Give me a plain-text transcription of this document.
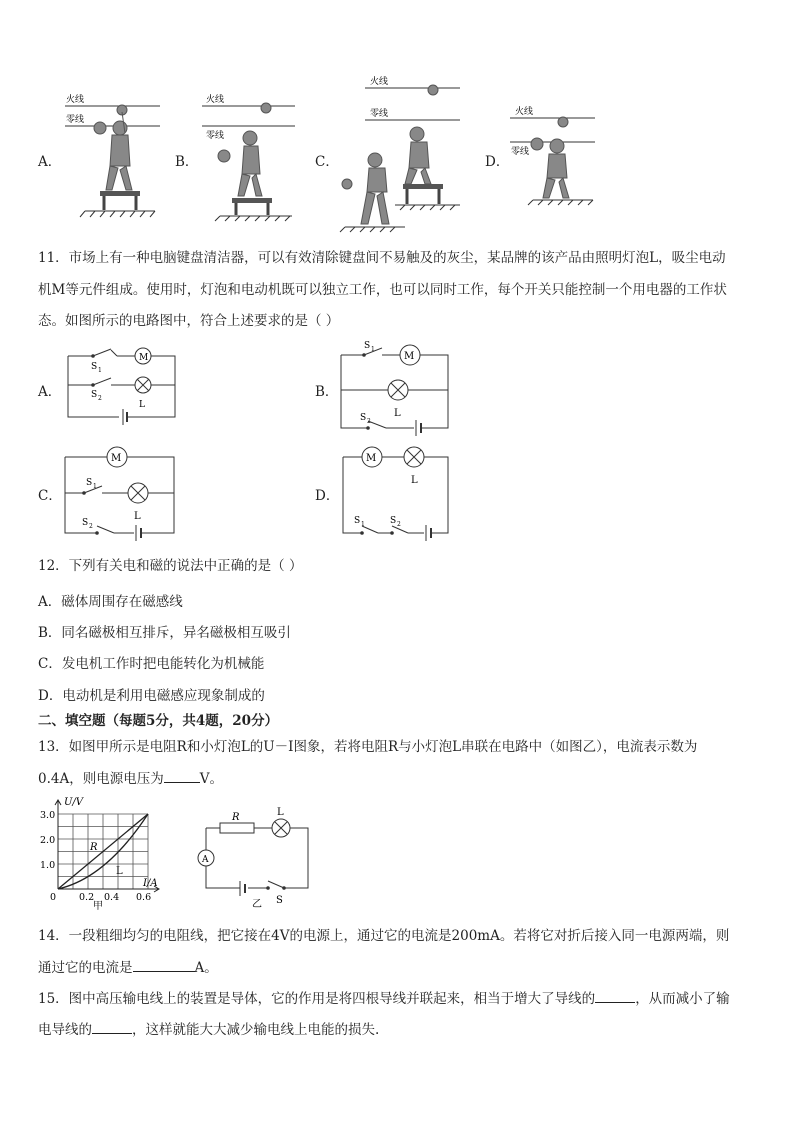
A．	B．	C．	D．
火线
零线
火线
零线
火线
零线	火线
零线
11．市场上有一种电脑键盘清洁器，可以有效清除键盘间不易触及的灰尘，某品牌的该产品由照明灯泡L，吸尘电动
机M等元件组成。使用时，灯泡和电动机既可以独立工作，也可以同时工作，每个开关只能控制一个用电器的工作状
态。如图所示的电路图中，符合上述要求的是（ ）
A．	B．
C．	D．
M
L
S 1
S 2
M
L
S 1
S 2
M
L
S 1
S 2
M
L
S 1	S 2
12．下列有关电和磁的说法中正确的是（ ）
A．磁体周围存在磁感线
B．同名磁极相互排斥，异名磁极相互吸引
C．发电机工作时把电能转化为机械能
D．电动机是利用电磁感应现象制成的
二、填空题（每题5分，共4题，20分）
13．如图甲所示是电阻R和小灯泡L的U－I图象，若将电阻R与小灯泡L串联在电路中（如图乙），电流表示数为
0.4A，则电源电压为	V。
U/V
I/A
3.0
2.0
1.0
0 0.2 0.4 0.6
R
L
甲
R	L
A
S
乙
14．一段粗细均匀的电阻线，把它接在4V的电源上，通过它的电流是200mA。若将它对折后接入同一电源两端，则
通过它的电流是	A。
15．图中高压输电线上的装置是导体，它的作用是将四根导线并联起来，相当于增大了导线的	，从而减小了输
电导线的	，这样就能大大减少输电线上电能的损失.
